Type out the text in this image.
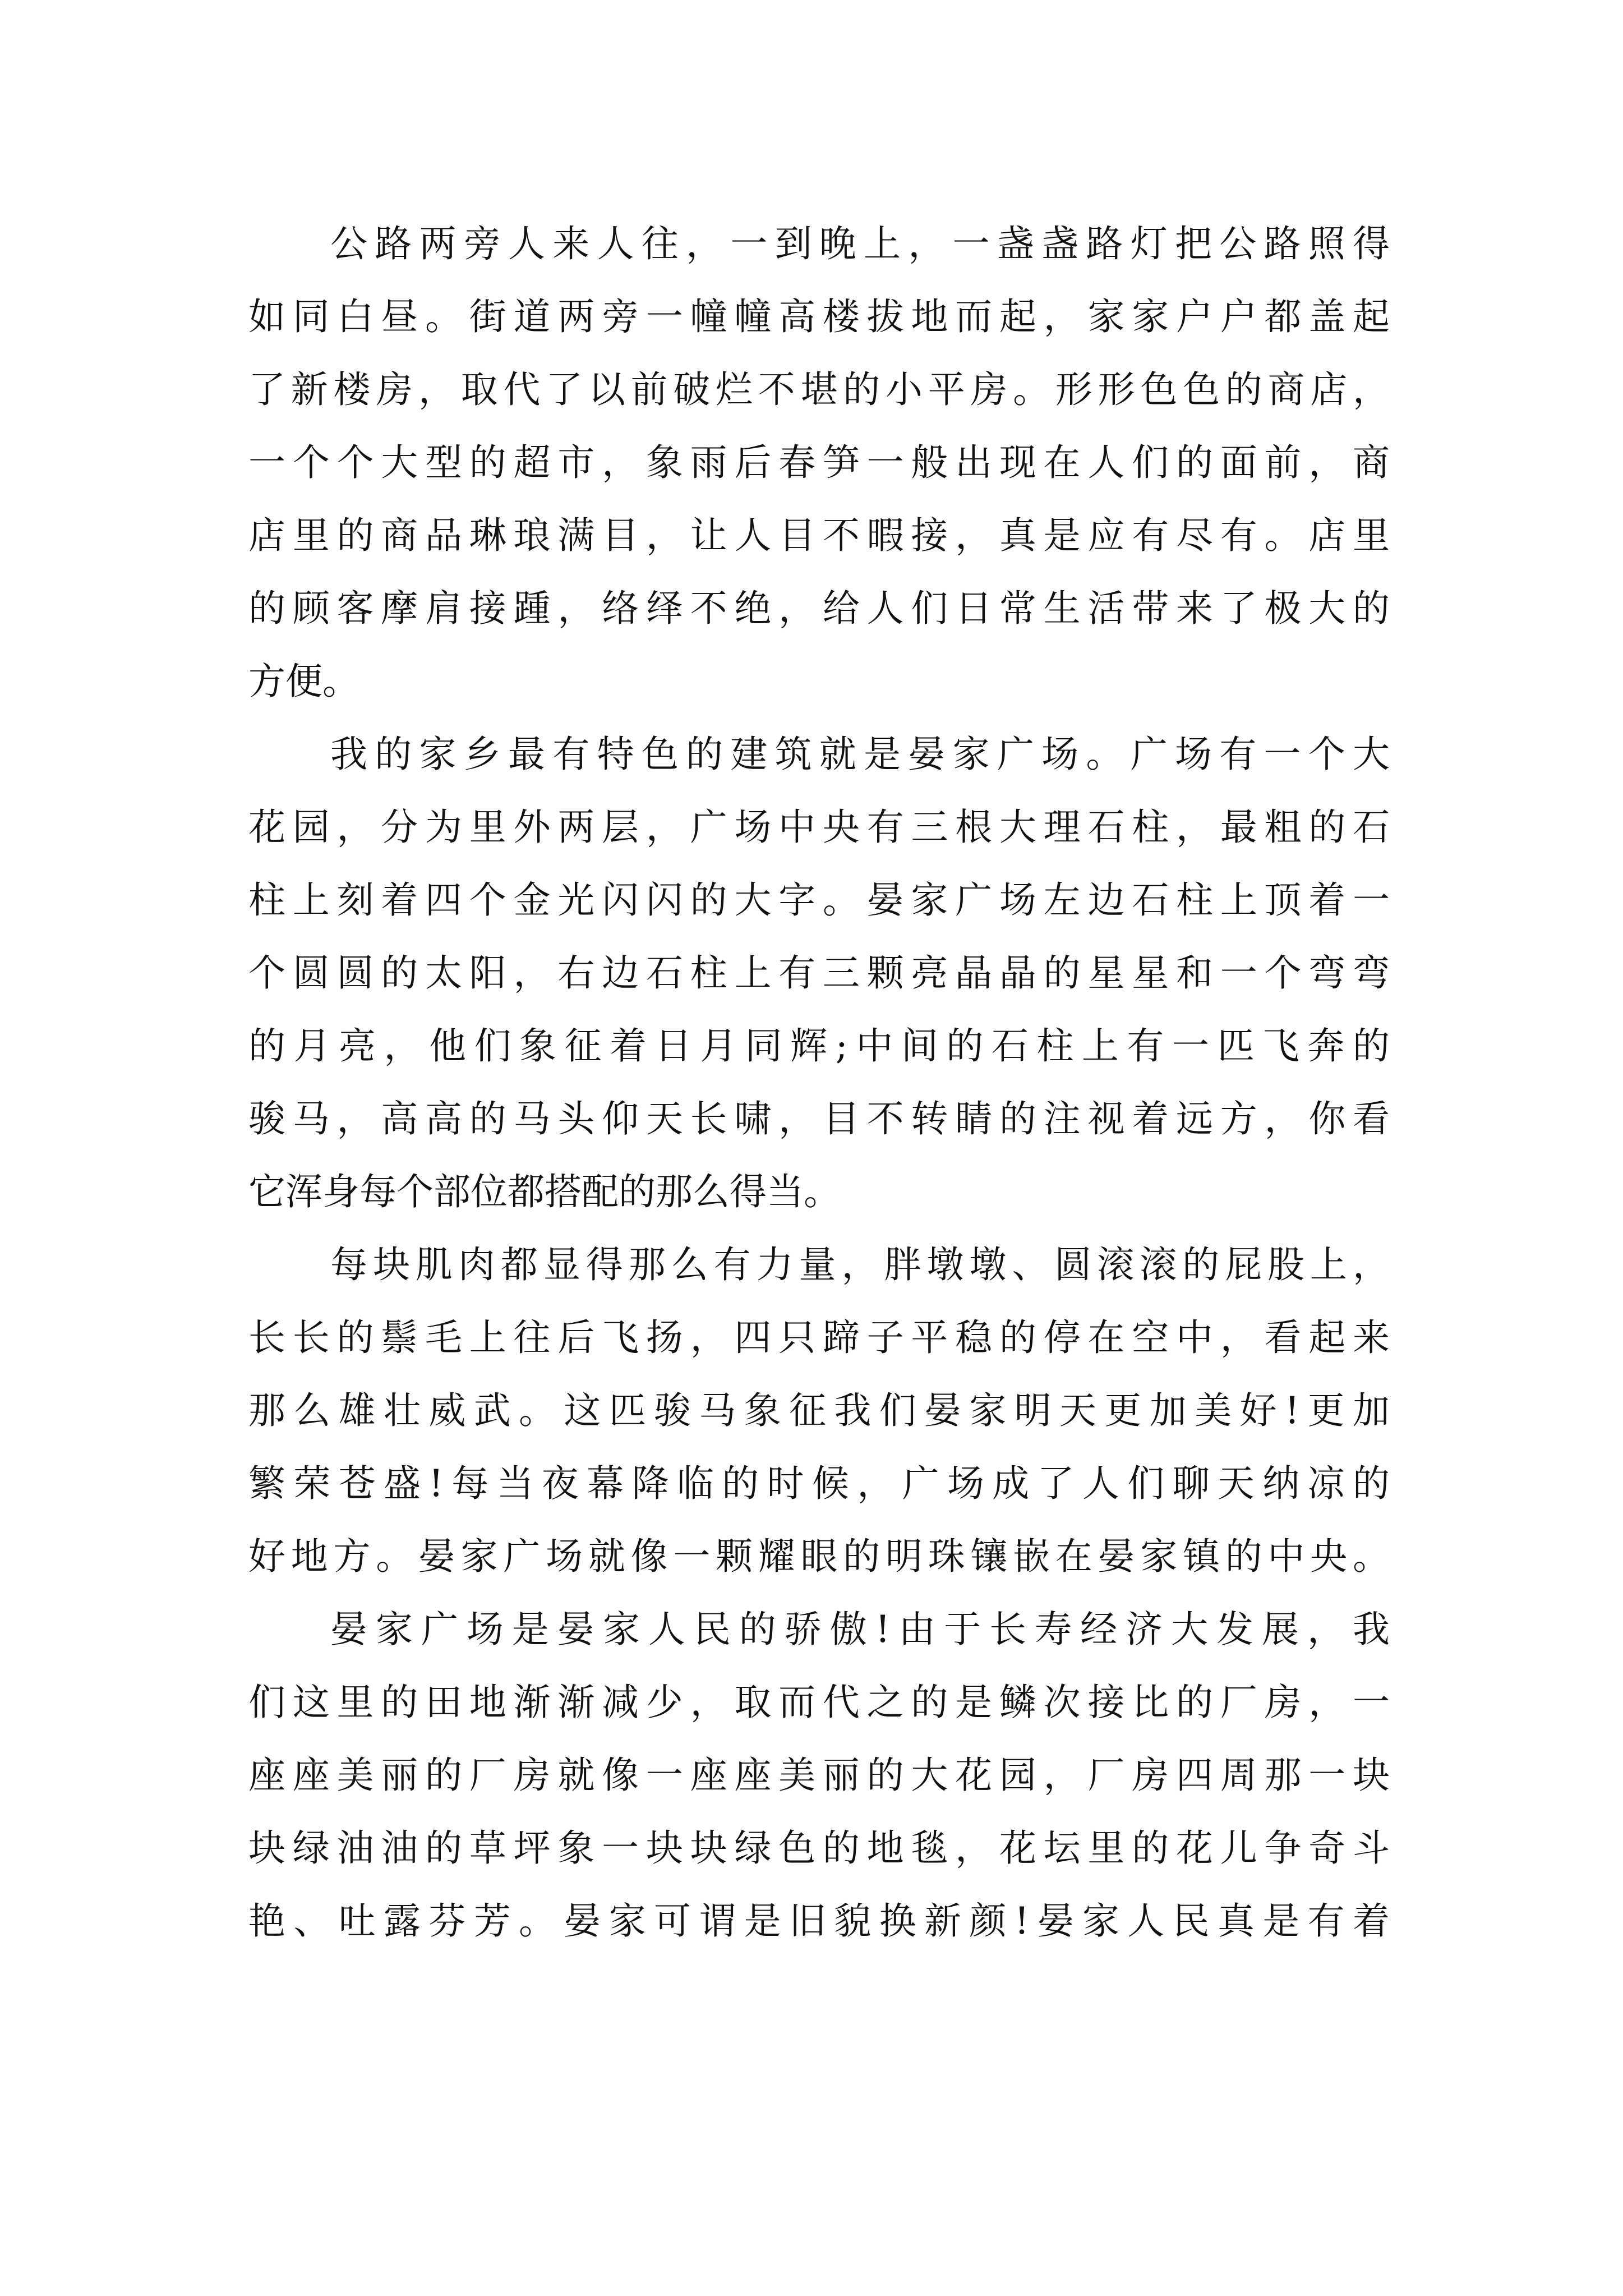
公路两旁人来人往，一到晚上，一盏盏路灯把公路照得
如同白昼。街道两旁一幢幢高楼拔地而起，家家户户都盖起
了新楼房，取代了以前破烂不堪的小平房。形形色色的商店，
一个个大型的超市，象雨后春笋一般出现在人们的面前，商
店里的商品琳琅满目，让人目不暇接，真是应有尽有。店里
的顾客摩肩接踵，络绎不绝，给人们日常生活带来了极大的
方便。
我的家乡最有特色的建筑就是晏家广场。广场有一个大
花园，分为里外两层，广场中央有三根大理石柱，最粗的石
柱上刻着四个金光闪闪的大字。晏家广场左边石柱上顶着一
个圆圆的太阳，右边石柱上有三颗亮晶晶的星星和一个弯弯
的月亮，他们象征着日月同辉;中间的石柱上有一匹飞奔的
骏马，高高的马头仰天长啸，目不转睛的注视着远方，你看
它浑身每个部位都搭配的那么得当。
每块肌肉都显得那么有力量，胖墩墩、圆滚滚的屁股上，
长长的鬃毛上往后飞扬，四只蹄子平稳的停在空中，看起来
那么雄壮威武。这匹骏马象征我们晏家明天更加美好!更加
繁荣苍盛!每当夜幕降临的时候，广场成了人们聊天纳凉的
好地方。晏家广场就像一颗耀眼的明珠镶嵌在晏家镇的中央。
晏家广场是晏家人民的骄傲!由于长寿经济大发展，我
们这里的田地渐渐减少，取而代之的是鳞次接比的厂房，一
座座美丽的厂房就像一座座美丽的大花园，厂房四周那一块
块绿油油的草坪象一块块绿色的地毯，花坛里的花儿争奇斗
艳、吐露芬芳。晏家可谓是旧貌换新颜!晏家人民真是有着
